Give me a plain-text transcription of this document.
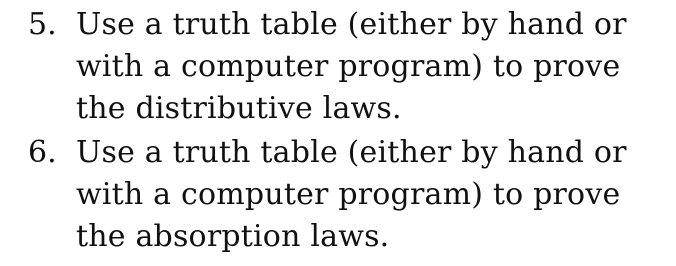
5. Use a truth table (either by hand or
with a computer program) to prove
the distributive laws.
6. Use a truth table (either by hand or
with a computer program) to prove
the absorption laws.
